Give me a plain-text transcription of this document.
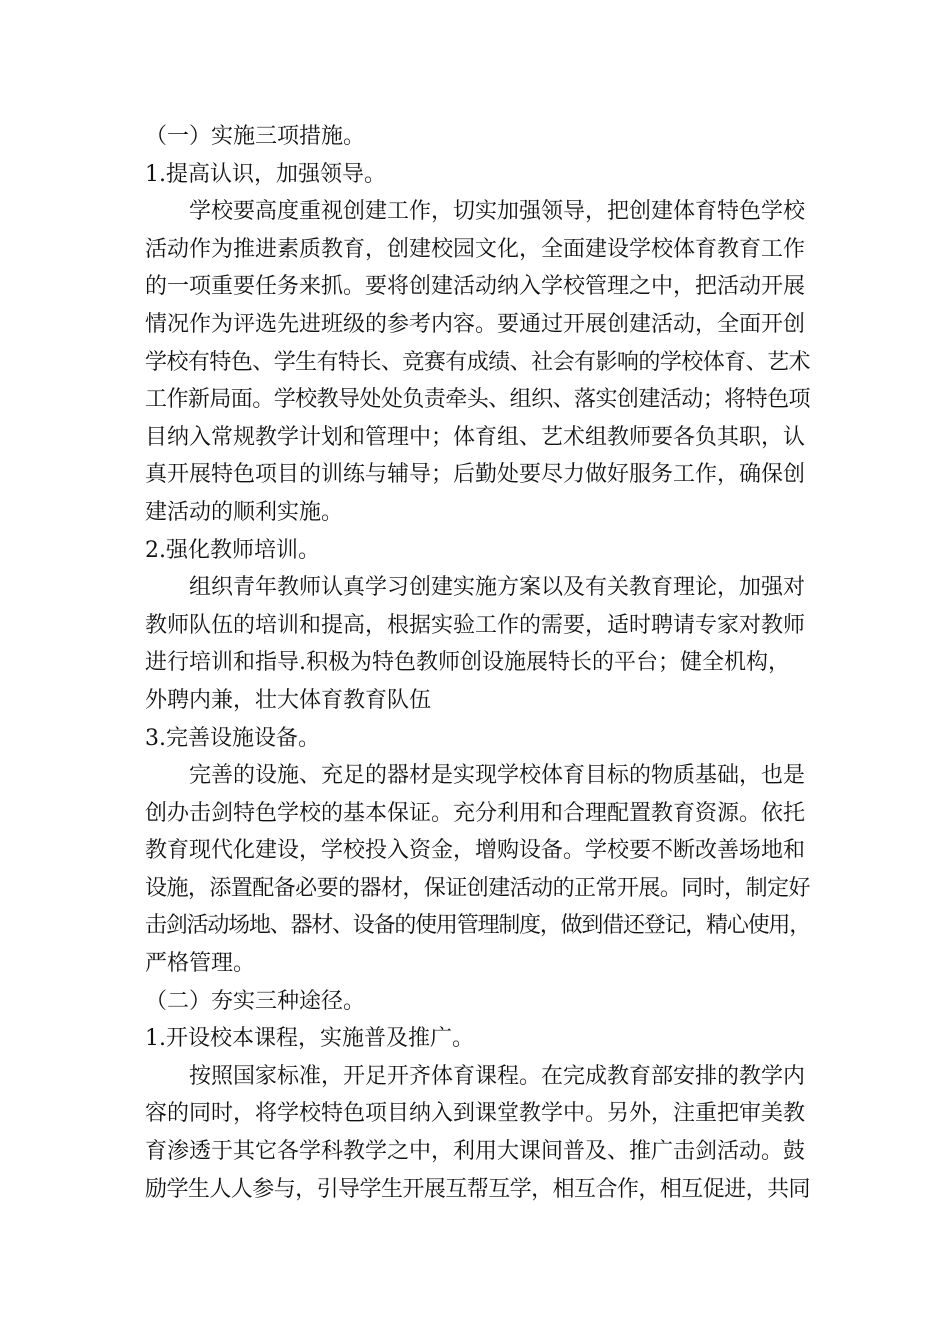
（一）实施三项措施。
1.提高认识，加强领导。
学校要高度重视创建工作，切实加强领导，把创建体育特色学校
活动作为推进素质教育，创建校园文化，全面建设学校体育教育工作
的一项重要任务来抓。要将创建活动纳入学校管理之中，把活动开展
情况作为评选先进班级的参考内容。要通过开展创建活动，全面开创
学校有特色、学生有特长、竞赛有成绩、社会有影响的学校体育、艺术
工作新局面。学校教导处处负责牵头、组织、落实创建活动；将特色项
目纳入常规教学计划和管理中；体育组、艺术组教师要各负其职，认
真开展特色项目的训练与辅导；后勤处要尽力做好服务工作，确保创
建活动的顺利实施。
2.强化教师培训。
组织青年教师认真学习创建实施方案以及有关教育理论，加强对
教师队伍的培训和提高，根据实验工作的需要，适时聘请专家对教师
进行培训和指导.积极为特色教师创设施展特长的平台；健全机构，
外聘内兼，壮大体育教育队伍
3.完善设施设备。
完善的设施、充足的器材是实现学校体育目标的物质基础，也是
创办击剑特色学校的基本保证。充分利用和合理配置教育资源。依托
教育现代化建设，学校投入资金，增购设备。学校要不断改善场地和
设施，添置配备必要的器材，保证创建活动的正常开展。同时，制定好
击剑活动场地、器材、设备的使用管理制度，做到借还登记，精心使用，
严格管理。
（二）夯实三种途径。
1.开设校本课程，实施普及推广。
按照国家标准，开足开齐体育课程。在完成教育部安排的教学内
容的同时，将学校特色项目纳入到课堂教学中。另外，注重把审美教
育渗透于其它各学科教学之中，利用大课间普及、推广击剑活动。鼓
励学生人人参与，引导学生开展互帮互学，相互合作，相互促进，共同
